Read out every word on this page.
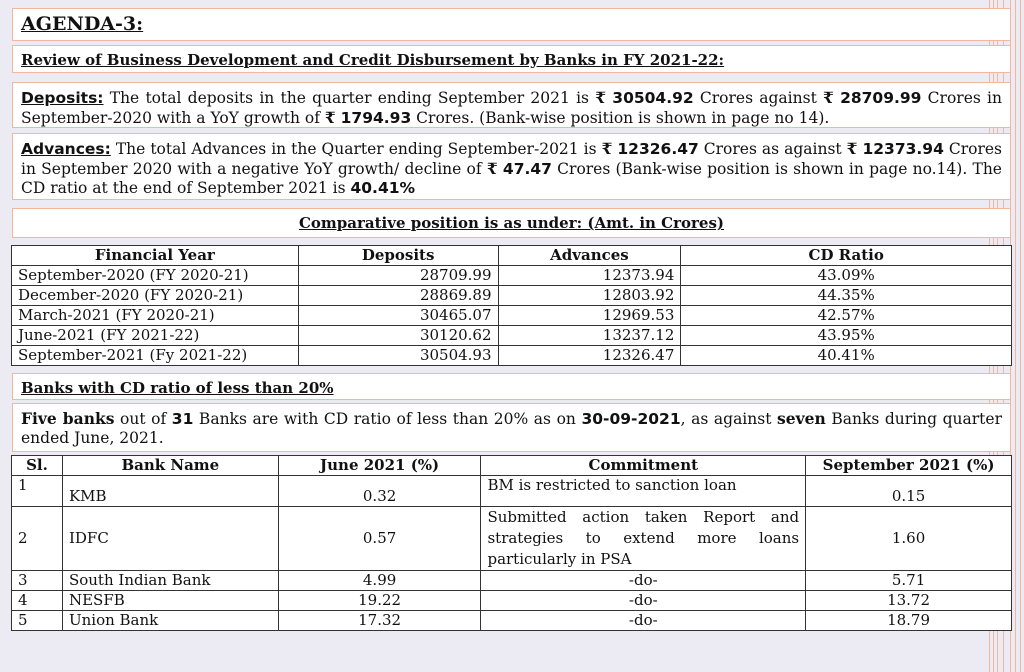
AGENDA-3:
Review of Business Development and Credit Disbursement by Banks in FY 2021-22:
Deposits: The total deposits in the quarter ending September 2021 is ₹ 30504.92 Crores against ₹ 28709.99 Crores in September-2020 with a YoY growth of ₹ 1794.93 Crores. (Bank-wise position is shown in page no 14).
Advances: The total Advances in the Quarter ending September-2021 is ₹ 12326.47 Crores as against ₹ 12373.94 Crores in September 2020 with a negative YoY growth/ decline of ₹ 47.47 Crores (Bank-wise position is shown in page no.14). The CD ratio at the end of September 2021 is 40.41%
Comparative position is as under: (Amt. in Crores)
Financial Year	Deposits	Advances	CD Ratio
September-2020 (FY 2020-21)	28709.99	12373.94	43.09%
December-2020 (FY 2020-21)	28869.89	12803.92	44.35%
March-2021 (FY 2020-21)	30465.07	12969.53	42.57%
June-2021 (FY 2021-22)	30120.62	13237.12	43.95%
September-2021 (Fy 2021-22)	30504.93	12326.47	40.41%
Banks with CD ratio of less than 20%
Five banks out of 31 Banks are with CD ratio of less than 20% as on 30-09-2021, as against seven Banks during quarter ended June, 2021.
Sl.	Bank Name	June 2021 (%)	Commitment	September 2021 (%)
1	KMB	0.32	BM is restricted to sanction loan	0.15
2	IDFC	0.57	Submitted action taken Report and strategies to extend more loans particularly in PSA	1.60
3	South Indian Bank	4.99	-do-	5.71
4	NESFB	19.22	-do-	13.72
5	Union Bank	17.32	-do-	18.79
